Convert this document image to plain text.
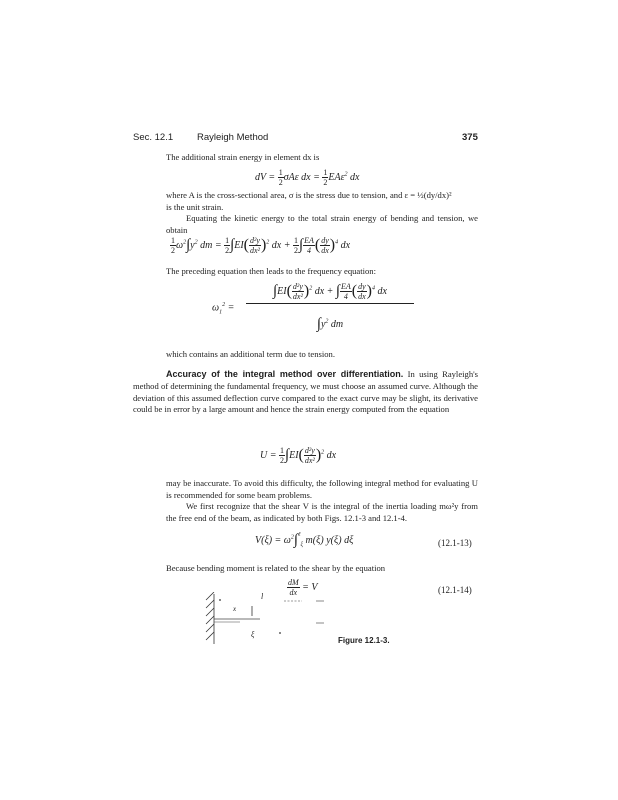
Sec. 12.1	Rayleigh Method	375
The additional strain energy in element dx is
dV = $\frac{1}{2}$ σAε dx = $\frac{1}{2} EA\varepsilon^2$ dx
where A is the cross-sectional area, σ is the stress due to tension, and ε = ½(dy/dx)²
is the unit strain.
Equating the kinetic energy to the total strain energy of bending and tension, we obtain
$\frac{1}{2} \omega^2\int y^2$ dm = $\frac{1}{2} \int EI( \frac{\text{d²y}}{\text{dx²}} )^2$ dx + $\frac{1}{2}$ ∫ $\frac{EA}{4}$ ( $\frac{dy}{dx} )^4$ dx
The preceding equation then leads to the frequency equation:
$\omega_1^2$ =
$\int EI( \frac{\text{d²y}}{\text{dx²}} )^2$ dx + ∫ $\frac{EA}{4}$ ( $\frac{dy}{dx} )^4$ dx
$\int y^2$ dm
which contains an additional term due to tension.
Accuracy of the integral method over differentiation. In using Rayleigh's method of determining the fundamental frequency, we must choose an assumed curve. Although the deviation of this assumed deflection curve compared to the exact curve may be slight, its derivative could be in error by a large amount and hence the strain energy computed from the equation
$U = \frac{1}{2} \int EI( \frac{\text{d²y}}{\text{dx²}} )^2$ dx
may be inaccurate. To avoid this difficulty, the following integral method for evaluating U is recommended for some beam problems.
We first recognize that the shear V is the integral of the inertia loading mω²y from the free end of the beam, as indicated by both Figs. 12.1-3 and 12.1-4.
$V(\xi) = \omega^2\int^\ell_\xi$ m(ξ) y(ξ) dξ	(12.1-13)
Because bending moment is related to the shear by the equation
$\frac{dM}{dx} = V$	(12.1-14)
l
x
ξ
Figure 12.1-3.
